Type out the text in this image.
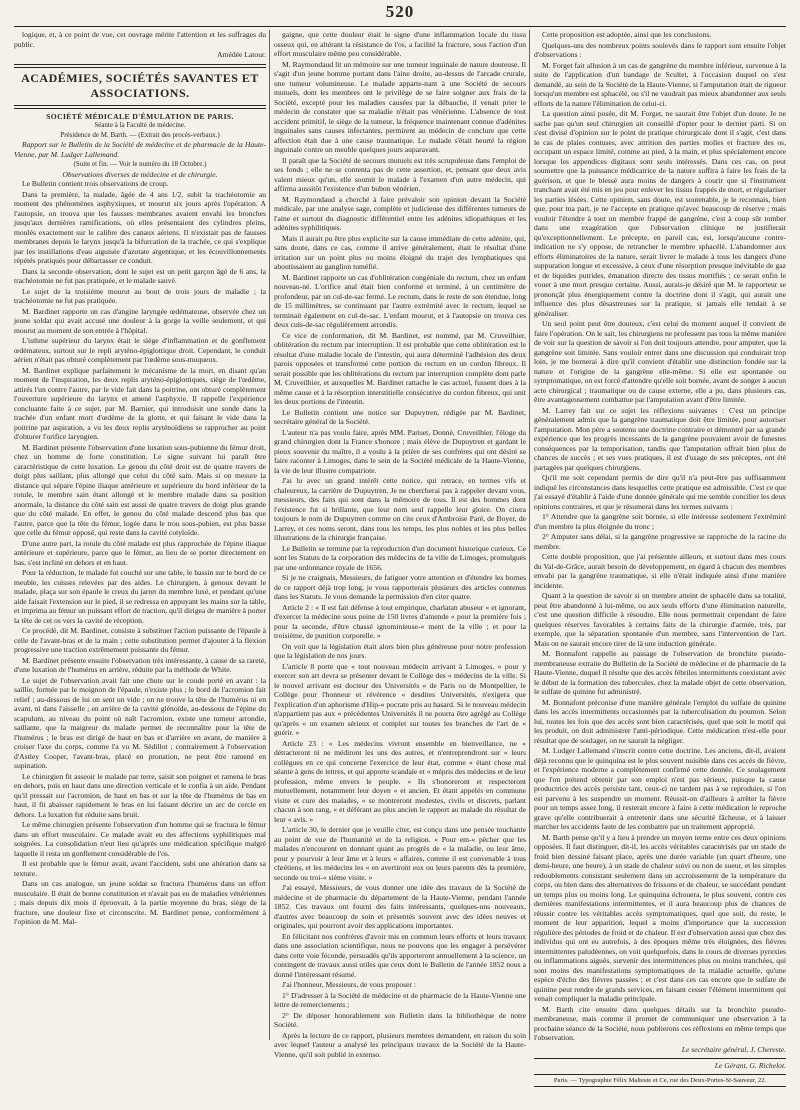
520

logique, et, à ce point de vue, cet ouvrage mérite l'attention et les suffrages du public.

Amédée Latour.

ACADÉMIES, SOCIÉTÉS SAVANTES ET ASSOCIATIONS.
SOCIÉTÉ MÉDICALE D'ÉMULATION DE PARIS.
Séante à la Faculté de médecine.
Présidence de M. Barth. — (Extrait des procès-verbaux.)

Rapport sur le Bulletin de la Société de médecine et de pharmacie de la Haute-Vienne, par M. Ludger Lallemand.

(Suite et fin. — Voir le numéro du 18 Octobre.)
Observations diverses de médecine et de chirurgie.

Le Bulletin contient trois observations de croup.

Dans la première, la malade, âgée de 4 ans 1/2, subit la trachéotomie au moment des phénomènes asphyxiques, et mourut six jours après l'opération. A l'autopsie, on trouva que les fausses membranes avaient envahi les bronches jusqu'aux dernières ramifications, où elles présentaient des cylindres pleins, moulés exactement sur le calibre des canaux aériens. Il n'existait pas de fausses membranes depuis le larynx jusqu'à la bifurcation de la trachée, ce qui s'explique par les instillations d'eau aiguisée d'azotate argentique, et les écouvillonnements répétés pratiqués pour débarrasser ce conduit.

Dans la seconde observation, dont le sujet est un petit garçon âgé de 6 ans, la trachéotomie ne fut pas pratiquée, et le malade sauvé.

Le sujet de la troisième mourut au bout de trois jours de maladie ; la trachéotomie ne fut pas pratiquée.

M. Bardinet rapporte un cas d'angine laryngée œdémateuse, observée chez un jeune soldat qui avait accusé une douleur à la gorge la veille seulement, et qui mourut au moment de son entrée à l'hôpital.

L'isthme supérieur du larynx était le siège d'inflammation et de gonflement œdémateux, surtout sur le repli aryténo-épiglottique droit. Cependant, le conduit aérien n'était pas obturé complètement par l'œdème sous-muqueux.

M. Bardinet explique parfaitement le mécanisme de la mort, en disant qu'au moment de l'inspiration, les deux replis aryténo-épiglottiques, siège de l'œdème, attirés l'un contre l'autre, par le vide fait dans la poitrine, ont obturé complètement l'ouverture supérieure du larynx et amené l'asphyxie. Il rappelle l'expérience concluante faite à ce sujet, par M. Barnier, qui introduisit une sonde dans la trachée d'un enfant mort d'œdème de la glotte, et qui faisant le vide dans la poitrine par aspiration, a vu les deux replis aryténoïdiens se rapprocher au point d'obturer l'orifice laryngien.

M. Bardinet présente l'observation d'une luxation sous-pubienne du fémur droit, chez un homme de forte constitution. Le signe suivant lui paraît être caractéristique de cette luxation. Le genou du côté droit est de quatre travers de doigt plus saillant, plus allongé que celui du côté sain. Mais si on mesure la distance qui sépare l'épine iliaque antérieure et supérieure du bord inférieur de la rotule, le membre sain étant allongé et le membre malade dans sa position anormale, la distance du côté sain est aussi de quatre travers de doigt plus grande que du côté malade. En effet, le genou du côté malade descend plus bas que l'autre, parce que la tête du fémur, logée dans le trou sous-pubien, est plus basse que celle du fémur opposé, qui reste dans la cavité cotyloïde.

D'une autre part, la rotule du côté malade est plus rapprochée de l'épine iliaque antérieure et supérieure, parce que le fémur, au lieu de se porter directement en bas, s'est incliné en dehors et en haut.

Pour la réduction, le malade fut couché sur une table, le bassin sur le bord de ce meuble, les cuisses relevées par des aides. Le chirurgien, à genoux devant le malade, plaça sur son épaule le creux du jarret du membre luxé, et pendant qu'une aide faisait l'extension sur le pied, il se redressa en appuyant les mains sur la table, et imprima au fémur un puissant effort de traction, qu'il dirigea de manière à porter la tête de cet os vers la cavité de réception.

Ce procédé, dit M. Bardinet, consiste à substituer l'action puissante de l'épaule à celle de l'avant-bras et de la main ; cette substitution permet d'ajouter à la flexion progressive une traction extrêmement puissante du fémur.

M. Bardinet présente ensuite l'observation très intéressante, à cause de sa rareté, d'une luxation de l'humérus en arrière, réduite par la méthode de White.

Le sujet de l'observation avait fait une chute sur le coude porté en avant : la saillie, formée par le moignon de l'épaule, n'existe plus ; le bord de l'acromion fait relief ; au-dessous de lui on sent un vide ; on ne trouve la tête de l'humérus ni en avant, ni dans l'aisselle ; en arrière de la cavité glénoïde, au-dessous de l'épine du scapulum, au niveau du point où naît l'acromion, existe une tumeur arrondie, saillante, que la maigreur du malade permet de reconnaître pour la tête de l'humérus ; le bras est dirigé de haut en bas et d'arrière en avant, de manière à croiser l'axe du corps, comme l'a vu M. Sédillot ; contrairement à l'observation d'Astley Cooper, l'avant-bras, placé en pronation, ne peut être ramené en supination.

Le chirurgien fit asseoir le malade par terre, saisit son poignet et ramena le bras en dehors, puis en haut dans une direction verticale et le confia à un aide. Pendant qu'il pressait sur l'acromion, de haut en bas et sur la tête de l'humérus de bas en haut, il fit abaisser rapidement le bras en lui faisant décrire un arc de cercle en dehors. La luxation fut réduite sans bruit.

Le même chirurgien présente l'observation d'un homme qui se fractura le fémur dans un effort musculaire. Ce malade avait eu des affections syphilitiques mal soignées. La consolidation n'eut lieu qu'après une médication spécifique malgré laquelle il resta un gonflement considérable de l'os.

Il est probable que le fémur avait, avant l'accident, subi une altération dans sa texture.

Dans un cas analogue, un jeune soldat se fractura l'humérus dans un effort musculaire. Il était de bonne constitution et n'avait pas eu de maladies vénériennes ; mais depuis dix mois il éprouvait, à la partie moyenne du bras, siège de la fracture, une douleur fixe et circonscrite. M. Bardinet pense, conformément à l'opinion de M. Mal-

gaigne, que cette douleur était le signe d'une inflammation locale du tissu osseux qui, en altérant la résistance de l'os, a facilité la fracture, sous l'action d'un effort musculaire même peu considérable.

M. Raymondaud lit un mémoire sur une tumeur inguinale de nature douteuse. Il s'agit d'un jeune homme portant dans l'aine droite, au-dessus de l'arcade crurale, une tumeur volumineuse. Le malade apparte-nant à une Société de secours mutuels, dont les membres ont le privilège de se faire soigner aux frais de la Société, excepté pour les maladies causées par la débauche, il venait prier le médecin de constater que sa maladie n'était pas vénérienne. L'absence de tout accident primitif, le siège de la tumeur, la fréquence maintenant connue d'adénites inguinales sans causes infectantes, permirent au médecin de conclure que cette affection était due à une cause traumatique. Le malade s'était heurté la région inguinale contre un meuble quelques jours auparavant.

Il paraît que la Société de secours mutuels est très scrupuleuse dans l'emploi de ses fonds ; elle ne se contenta pas de cette assertion, et, pensant que deux avis valent mieux qu'un, elle soumit le malade à l'examen d'un autre médecin, qui affirma aussitôt l'existence d'un bubon vénérien.

M. Raymondaud a cherché à faire prévaloir son opinion devant la Société médicale, par une analyse sage, complète et judicieuse des différentes tumeurs de l'aine et surtout du diagnostic différentiel entre les adénites idiopathiques et les adénites syphilitiques.

Mais il aurait pu être plus explicite sur la cause immédiate de cette adénite, qui, sans doute, dans ce cas, comme il arrive généralement, était le résultat d'une irritation sur un point plus ou moins éloigné du trajet des lymphatiques qui aboutissaient au ganglion tuméfié.

M. Bardinet rapporte un cas d'oblitération congéniale du rectum, chez un enfant nouveau-né. L'orifice anal était bien conformé et terminé, à un centimètre de profondeur, par un cul-de-sac fermé. Le rectum, dans le reste de son étendue, long de 15 millimètres, se continuant par l'autre extrémité avec le rectum, lequel se terminait également en cul-de-sac. L'enfant mourut, et à l'autopsie on trouva ces deux culs-de-sac régulièrement arrondis.

Ce vice de conformation, dit M. Bardinet, est nommé, par M. Cruveilhier, oblitération du rectum par interruption. Il est probable que cette oblitération est le résultat d'une maladie locale de l'intestin, qui aura déterminé l'adhésion des deux parois opposées et transformé cette portion du rectum en un cordon fibreux. Il serait possible que les oblitérations du rectum par interruption complète dont parle M. Cruveilhier, et auxquelles M. Bardinet rattache le cas actuel, fussent dues à la même cause et à la résorption interstitielle consécutive du cordon fibreux, qui unit les deux portions de l'intestin.

Le Bulletin contient une notice sur Dupuytren, rédigée par M. Bardinet, secrétaire général de la Société.

L'auteur n'a pas voulu faire, après MM. Pariset, Donné, Cruveilhier, l'éloge du grand chirurgien dont la France s'honore ; mais élève de Dupuytren et gardant le pieux souvenir du maître, il a voulu à la prière de ses confrères qui ont désiré se faire raconter à Limoges, dans le sein de la Société médicale de la Haute-Vienne, la vie de leur illustre compatriote.

J'ai lu avec un grand intérêt cette notice, qui retrace, en termes vifs et chaleureux, la carrière de Dupuytren. Je ne chercherai pas à rappeler devant vous, messieurs, des faits qui sont dans la mémoire de tous. Il est des hommes dont l'existence fut si brillante, que leur nom seul rappelle leur gloire. On citera toujours le nom de Dupuytren comme on cite ceux d'Ambroise Paré, de Boyer, de Larrey, et ces noms seront, dans tous les temps, les plus nobles et les plus belles illustrations de la chirurgie française.

Le Bulletin se termine par la reproduction d'un document historique curieux. Ce sont les Statuts de la corporation des médecins de la ville de Limoges, promulgués par une ordonnance royale de 1656.

Si je ne craignais, Messieurs, de fatiguer votre attention et d'étendre les bornes de ce rapport déjà trop long, je vous rapporterais plusieurs des articles contenus dans les Statuts. Je vous demande la permission d'en citer quatre.

Article 2 : « Il est fait défense à tout empirique, charlatan abuseur « et ignorant, d'exercer la médecine sous peine de 150 livres d'amende « pour la première fois ; pour la seconde, d'être chassé ignominieuse-« ment de la ville ; et pour la troisième, de punition corporelle. »

On voit que la législation était alors bien plus généreuse pour notre profession que la législation de nos jours.

L'article 8 porte que « tout nouveau médecin arrivant à Limoges, « pour y exercer son art devra se présenter devant le Collège des « médecins de la ville. Si le nouvel arrivant est docteur des Universités « de Paris ou de Montpellier, le Collège pour l'honneur et révérence « desdites Universités, n'exigera que l'explication d'un aphorisme d'Hip-« pocrate pris au hasard. Si le nouveau médecin n'appartient pas aux « précédentes Universités il ne pourra être agrégé au Collège qu'après « un examen sérieux et complet sur toutes les branches de l'art de « guérir. »

Article 23 : « Les médecins vivront ensemble en bienveillance, ne « détracteront ni ne médiront les uns des autres, et n'entreprendront sur « leurs collègues en ce qui concerne l'exercice de leur état, comme « étant chose mal séante à gens de lettres, et qui apporte scandale et « mépris des médecins et de leur profession, même envers le peuple. « Ils s'honoreront et respecteront mutuellement, notamment leur doyen « et ancien. Et étant appelés en commune visite et cure des malades, « se montreront modestes, civils et discrets, parlant chacun à son rang, « et déférant au plus ancien le rapport au malade du résultat de leur « avis. »

L'article 30, le dernier que je veuille citer, est conçu dans une pensée touchante au point de vue de l'humanité et de la religion. « Pour em-« pêcher que les malades n'encourent en donnant quant au progrès de « la maladie, ou leur âme, pour y pourvoir à leur âme et à leurs « affaires, comme il est convenable à tous chrétiens, et les médecins les « en avertiront eux ou leurs parents dès la première, seconde ou troi-« sième visite. »

J'ai essayé, Messieurs, de vous donner une idée des travaux de la Société de médecine et de pharmacie du département de la Haute-Vienne, pendant l'année 1852. Ces travaux ont fourni des faits intéressants, quelques-uns nouveaux, d'autres avec beaucoup de soin et présentés souvent avec des idées neuves et originales, qui pourront avoir des applications importantes.

En félicitant nos confrères d'avoir mis en commun leurs efforts et leurs travaux dans une association scientifique, nous ne pouvons que les engager à persévérer dans cette voie féconde, persuadés qu'ils apporteront annuellement à la science, un contingent de travaux aussi utiles que ceux dont le Bulletin de l'année 1852 nous a donné l'intéressant résumé.

J'ai l'honneur, Messieurs, de vous proposer :

1° D'adresser à la Société de médecine et de pharmacie de la Haute-Vienne une lettre de remerciements ;

2° De déposer honorablement son Bulletin dans la bibliothèque de notre Société.

Après la lecture de ce rapport, plusieurs membres demandent, en raison du soin avec lequel l'auteur a analysé les principaux travaux de la Société de la Haute-Vienne, qu'il soit publié in extenso.

Cette proposition est adoptée, ainsi que les conclusions.

Quelques-uns des nombreux points soulevés dans le rapport sont ensuite l'objet d'observations :

M. Forget fait allusion à un cas de gangrène du membre inférieur, survenue à la suite de l'application d'un bandage de Scultet, à l'occasion duquel on s'est demandé, au sein de la Société de la Haute-Vienne, si l'amputation était de rigueur lorsqu'un membre est sphacélé, ou s'il ne vaudrait pas mieux abandonner aux seuls efforts de la nature l'élimination de celui-ci.

La question ainsi posée, dit M. Forget, ne saurait être l'objet d'un doute. Je ne sache pas qu'un seul chirurgien ait conseillé d'opter pour le dernier parti. Si on s'est divisé d'opinion sur le point de pratique chirurgicale dont il s'agit, c'est dans le cas de plaies contuses, avec attrition des parties molles et fracture des os, occupant un espace limité, comme au pied, à la main, et plus spécialement encore lorsque les appendices digitaux sont seuls intéressés. Dans ces cas, on peut soumettre que la puissance médicatrice de la nature suffira à faire les frais de la guérison, et que le blessé aura moins de dangers à courir que si l'instrument tranchant avait été mis en jeu pour enlever les tissus frappés de mort, et régulariser les parties lésées. Cette opinion, sans doute, est soutenable, je le reconnais, bien que, pour ma part, je ne l'accepte en pratique qu'avec beaucoup de réserve ; mais vouloir l'étendre à tout un membre frappé de gangrène, c'est à coup sûr tomber dans une exagération que l'observation clinique ne justifierait qu'exceptionnellement. Le précepte, en pareil cas, est, lorsqu'aucune contre-indication ne s'y oppose, de retrancher le membre sphacélé. L'abandonner aux efforts éliminatoires de la nature, serait livrer le malade à tous les dangers d'une suppuration longue et excessive, à ceux d'une résorption presque inévitable de gaz et de liquides putrides, émanation directe des tissus mortifiés ; ce serait enfin le vouer à une mort presque certaine. Aussi, aurais-je désiré que M. le rapporteur se prononçât plus énergiquement contre la doctrine dont il s'agit, qui aurait une influence des plus désastreuses sur la pratique, si jamais elle tendait à se généraliser.

Un seul point peut être douteux, c'est celui du moment auquel il convient de faire l'opération. On le sait, les chirurgiens ne professent pas tous la même manière de voir sur la question de savoir si l'on doit toujours attendre, pour amputer, que la gangrène soit limitée. Sans vouloir entrer dans une discussion qui conduirait trop loin, je me bornerai à dire qu'il convient d'établir une distinction fondée sur la nature et l'origine de la gangrène elle-même. Si elle est spontanée ou symptomatique, on est forcé d'attendre qu'elle soit bornée, avant de songer à aucun acte chirurgical ; traumatique ou de cause externe, elle a pu, dans plusieurs cas, être avantageusement combattue par l'amputation avant d'être limitée.

M. Larrey fait sur ce sujet les réflexions suivantes : C'est un principe généralement admis que la gangrène traumatique doit être limitée, pour autoriser l'amputation. Mon père a soutenu une doctrine contraire et démontré par sa grande expérience que les progrès incessants de la gangrène pouvaient avoir de funestes conséquences par la temporisation, tandis que l'amputation offrait bien plus de chances de succès ; et ses vues pratiques, il est d'usage de ses préceptes, ont été partagées par quelques chirurgiens.

Qu'il me soit cependant permis de dire qu'il n'a peut-être pas suffisamment indiqué les circonstances dans lesquelles cette pratique est admissible. C'est ce que j'ai essayé d'établir à l'aide d'une donnée générale qui me semble concilier les deux opinions contraires, et que je résumerai dans les termes suivants :

1° Attendre que la gangrène soit bornée, si elle intéresse seulement l'extrémité d'un membre la plus éloignée du tronc ;

2° Amputer sans délai, si la gangrène progressive se rapproche de la racine du membre.

Cette double proposition, que j'ai présentée ailleurs, et surtout dans mes cours du Val-de-Grâce, aurait besoin de développement, en égard à chacun des membres envahi par la gangrène traumatique, si elle n'était indiquée ainsi d'une manière incidente.

Quant à la question de savoir si un membre atteint de sphacèle dans sa totalité, peut être abandonné à lui-même, ou aux seuls efforts d'une élimination naturelle, c'est une question difficile à résoudre. Elle nous permettrait cependant de faire quelques réserves favorables à certains faits de la chirurgie d'armée, très, par exemple, que la séparation spontanée d'un membre, sans l'intervention de l'art. Mais on ne saurait encore tirer de là une induction générale.

M. Bonnafont rappelle au passage de l'observation de bronchite pseudo-membraneuse extraite du Bulletin de la Société de médecine et de pharmacie de la Haute-Vienne, duquel il résulte que des accès fébriles intermittents coexistant avec le début de la formation des tubercules, chez la malade objet de cette observation, le sulfate de quinine fut administré.

M. Bonnafont préconise d'une manière générale l'emploi du sulfate de quinine dans les accès intermittents occasionnés par la tuberculisation du poumon. Selon lui, toutes les fois que des accès sont bien caractérisés, quel que soit le motif qui les produit, on doit administrer l'anti-périodique. Cette médication n'est-elle pour résultat que de soulager, on ne saurait la négliger.

M. Ludger Lallemand s'inscrit contre cette doctrine. Les anciens, dit-il, avaient déjà reconnu que le quinquina est le plus souvent nuisible dans ces accès de fièvre, et l'expérience moderne a complètement confirmé cette donnée. Ce soulagement que l'on prétend obtenir par son emploi n'est pas sérieux, puisque la cause productrice des accès persiste tant, ceux-ci ne tardent pas à se reproduire, si l'on est parvenu à les suspendre un moment. Réussit-on d'ailleurs à arrêter la fièvre pour un temps assez long, il resterait encore à faire à cette médication le reproche grave qu'elle contribuerait à entretenir dans une sécurité fâcheuse, et à laisser marcher les accidents faute de les combattre par un traitement approprié.

M. Barth pense qu'il y a lieu à prendre un moyen terme entre ces deux opinions opposées. Il faut distinguer, dit-il, les accès véritables caractérisés par un stade de froid bien dessiné faisant place, après une durée variable (un quart d'heure, une demi-heure, une heure), à un stade de chaleur suivi ou non de sueur, et les simples redoublements consistant seulement dans un accroissement de la température du corps, ou bien dans des alternatives de frissons et de chaleur, se succédant pendant un temps plus ou moins long. Le quinquina échouera, le plus souvent, contre ces dernières manifestations intermittentes, et il aura beaucoup plus de chances de réussir contre les véritables accès symptomatiques, quel que soit, du reste, le moment de leur apparition, lequel a moins d'importance que la succession régulière des périodes de froid et de chaleur. Il est d'observation aussi que chez des individus qui ont eu autrefois, à des époques même très éloignées, des fièvres intermittentes paludéennes, on voit quelquefois, dans le cours de diverses pyrexies ou inflammations aiguës, survenir des intermittences plus ou moins tranchées, qui sont moins des manifestations symptomatiques de la maladie actuelle, qu'une espèce d'écho des fièvres passées ; et c'est dans ces cas encore que le sulfate de quinine peut rendre de grands services, en faisant cesser l'élément intermittent qui venait compliquer la maladie principale.

M. Barth cite ensuite dans quelques détails sur la bronchite pseudo-membraneuse, mais comme il promet de communiquer une observation à la prochaine séance de la Société, nous publierons ces réflexions en même temps que l'observation.

Le secrétaire général, J. Chereste.
Le Gérant, G. Richelot.
Paris. — Typographie Félix Malteste et Ce, rue des Deux-Portes-St-Sauveur, 22.
